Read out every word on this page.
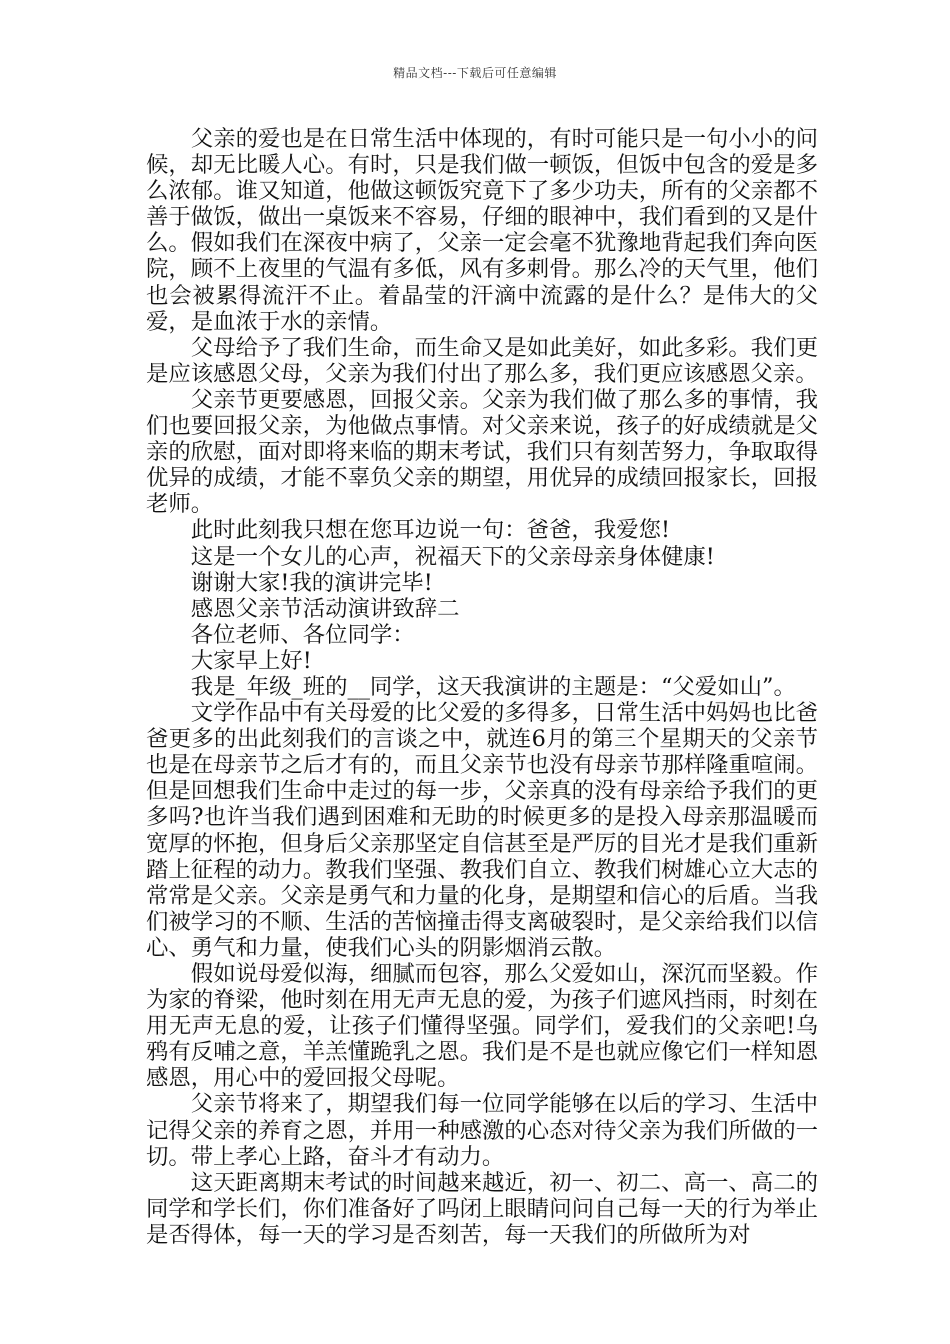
精品文档---下载后可任意编辑

父亲的爱也是在日常生活中体现的，有时可能只是一句小小的问候，却无比暖人心。有时，只是我们做一顿饭，但饭中包含的爱是多么浓郁。谁又知道，他做这顿饭究竟下了多少功夫，所有的父亲都不善于做饭，做出一桌饭来不容易，仔细的眼神中，我们看到的又是什么。假如我们在深夜中病了，父亲一定会毫不犹豫地背起我们奔向医院，顾不上夜里的气温有多低，风有多刺骨。那么冷的天气里，他们也会被累得流汗不止。着晶莹的汗滴中流露的是什么？是伟大的父爱，是血浓于水的亲情。

父母给予了我们生命，而生命又是如此美好，如此多彩。我们更是应该感恩父母，父亲为我们付出了那么多，我们更应该感恩父亲。

父亲节更要感恩，回报父亲。父亲为我们做了那么多的事情，我们也要回报父亲，为他做点事情。对父亲来说，孩子的好成绩就是父亲的欣慰，面对即将来临的期末考试，我们只有刻苦努力，争取取得优异的成绩，才能不辜负父亲的期望，用优异的成绩回报家长，回报老师。

此时此刻我只想在您耳边说一句：爸爸，我爱您!

这是一个女儿的心声，祝福天下的父亲母亲身体健康!

谢谢大家!我的演讲完毕!

感恩父亲节活动演讲致辞二

各位老师、各位同学：

大家早上好!

我是_年级_班的__同学，这天我演讲的主题是：“父爱如山”。

文学作品中有关母爱的比父爱的多得多，日常生活中妈妈也比爸爸更多的出此刻我们的言谈之中，就连6月的第三个星期天的父亲节也是在母亲节之后才有的，而且父亲节也没有母亲节那样隆重喧闹。但是回想我们生命中走过的每一步，父亲真的没有母亲给予我们的更多吗?也许当我们遇到困难和无助的时候更多的是投入母亲那温暖而宽厚的怀抱，但身后父亲那坚定自信甚至是严厉的目光才是我们重新踏上征程的动力。教我们坚强、教我们自立、教我们树雄心立大志的常常是父亲。父亲是勇气和力量的化身，是期望和信心的后盾。当我们被学习的不顺、生活的苦恼撞击得支离破裂时，是父亲给我们以信心、勇气和力量，使我们心头的阴影烟消云散。

假如说母爱似海，细腻而包容，那么父爱如山，深沉而坚毅。作为家的脊梁，他时刻在用无声无息的爱，为孩子们遮风挡雨，时刻在用无声无息的爱，让孩子们懂得坚强。同学们，爱我们的父亲吧!乌鸦有反哺之意，羊羔懂跪乳之恩。我们是不是也就应像它们一样知恩感恩，用心中的爱回报父母呢。

父亲节将来了，期望我们每一位同学能够在以后的学习、生活中记得父亲的养育之恩，并用一种感激的心态对待父亲为我们所做的一切。带上孝心上路，奋斗才有动力。

这天距离期末考试的时间越来越近，初一、初二、高一、高二的同学和学长们，你们准备好了吗闭上眼睛问问自己每一天的行为举止是否得体，每一天的学习是否刻苦，每一天我们的所做所为对
